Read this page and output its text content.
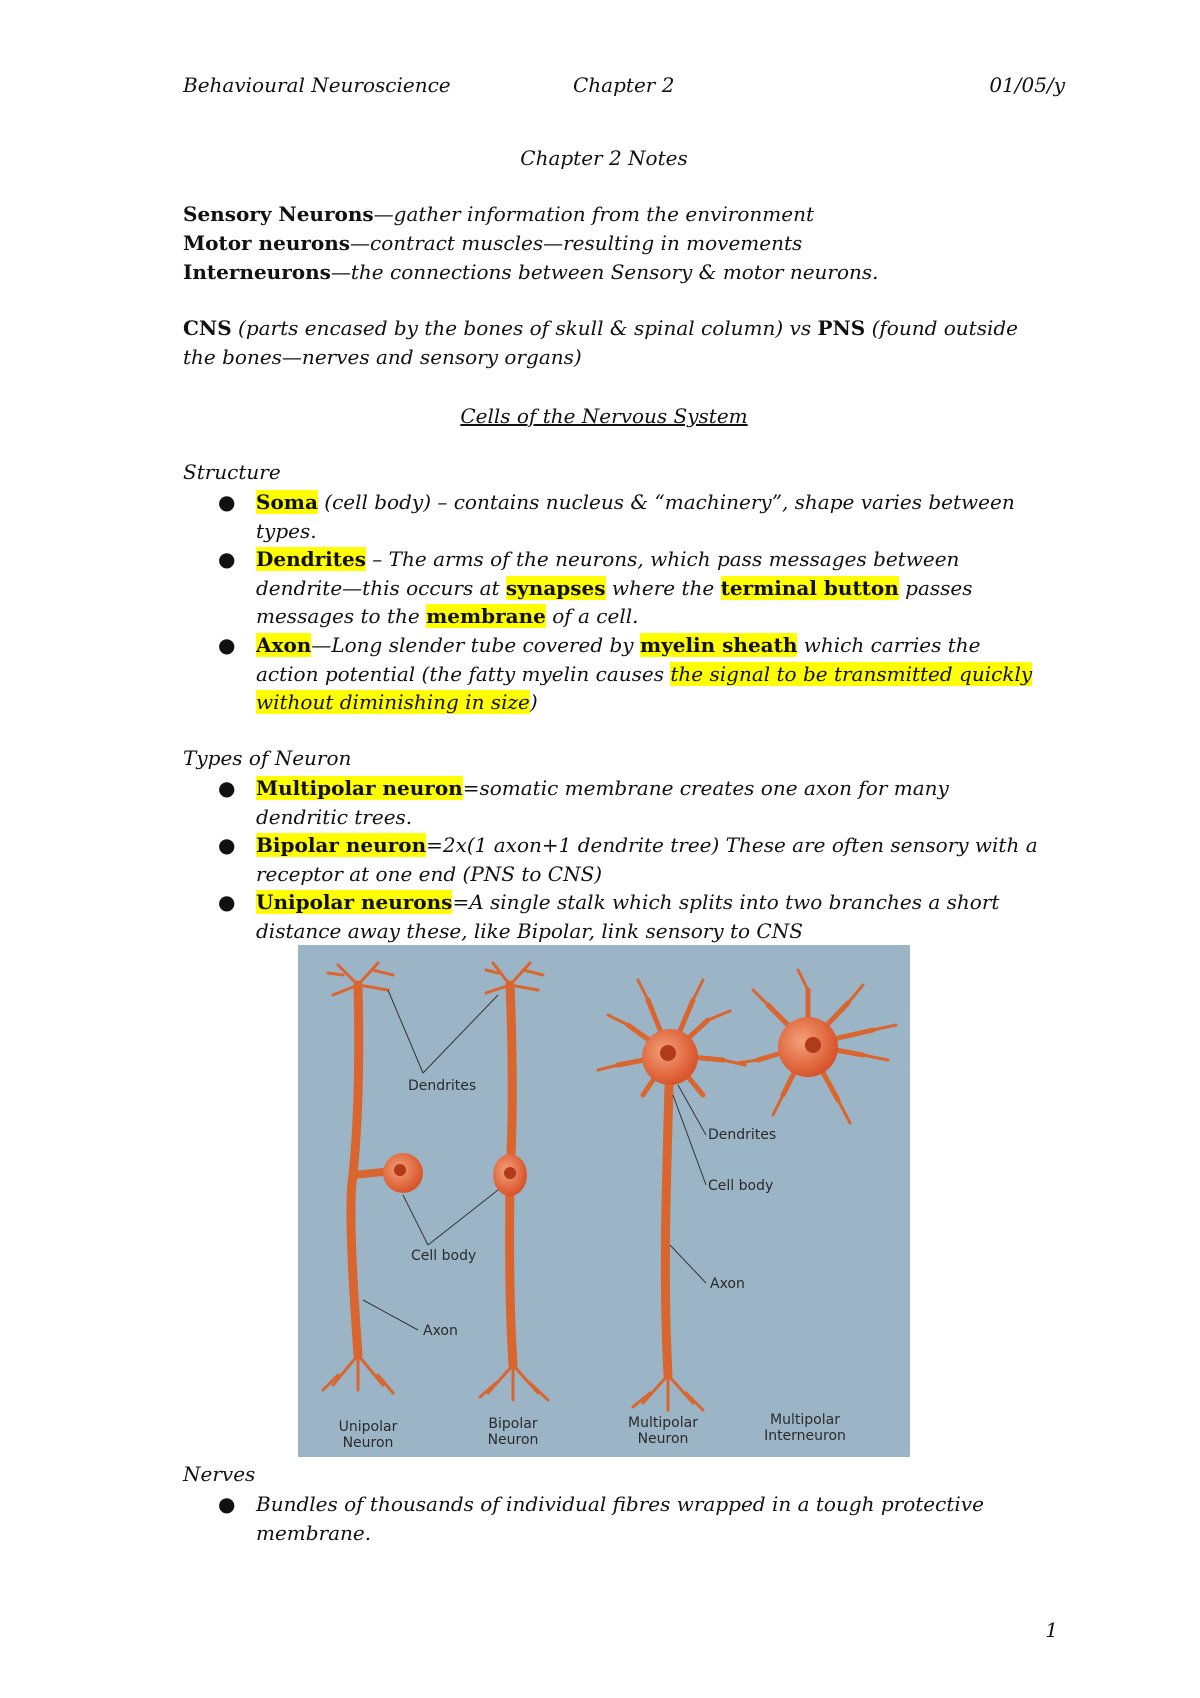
Behavioural Neuroscience	Chapter 2	01/05/y
Chapter 2 Notes
Sensory Neurons—gather information from the environment
Motor neurons—contract muscles—resulting in movements
Interneurons—the connections between Sensory & motor neurons.
CNS (parts encased by the bones of skull & spinal column) vs PNS (found outside
the bones—nerves and sensory organs)
Cells of the Nervous System
Structure
● Soma (cell body) – contains nucleus & “machinery”, shape varies between
types.
● Dendrites – The arms of the neurons, which pass messages between
dendrite—this occurs at synapses where the terminal button passes
messages to the membrane of a cell.
● Axon—Long slender tube covered by myelin sheath which carries the
action potential (the fatty myelin causes the signal to be transmitted quickly
without diminishing in size)
Types of Neuron
● Multipolar neuron=somatic membrane creates one axon for many
dendritic trees.
● Bipolar neuron=2x(1 axon+1 dendrite tree) These are often sensory with a
receptor at one end (PNS to CNS)
● Unipolar neurons=A single stalk which splits into two branches a short
distance away these, like Bipolar, link sensory to CNS
Dendrites
Dendrites
Cell body
Cell body
Axon
Axon
Unipolar
Neuron
Bipolar
Neuron
Multipolar
Neuron
Multipolar
Interneuron
Nerves
● Bundles of thousands of individual fibres wrapped in a tough protective
membrane.
1
